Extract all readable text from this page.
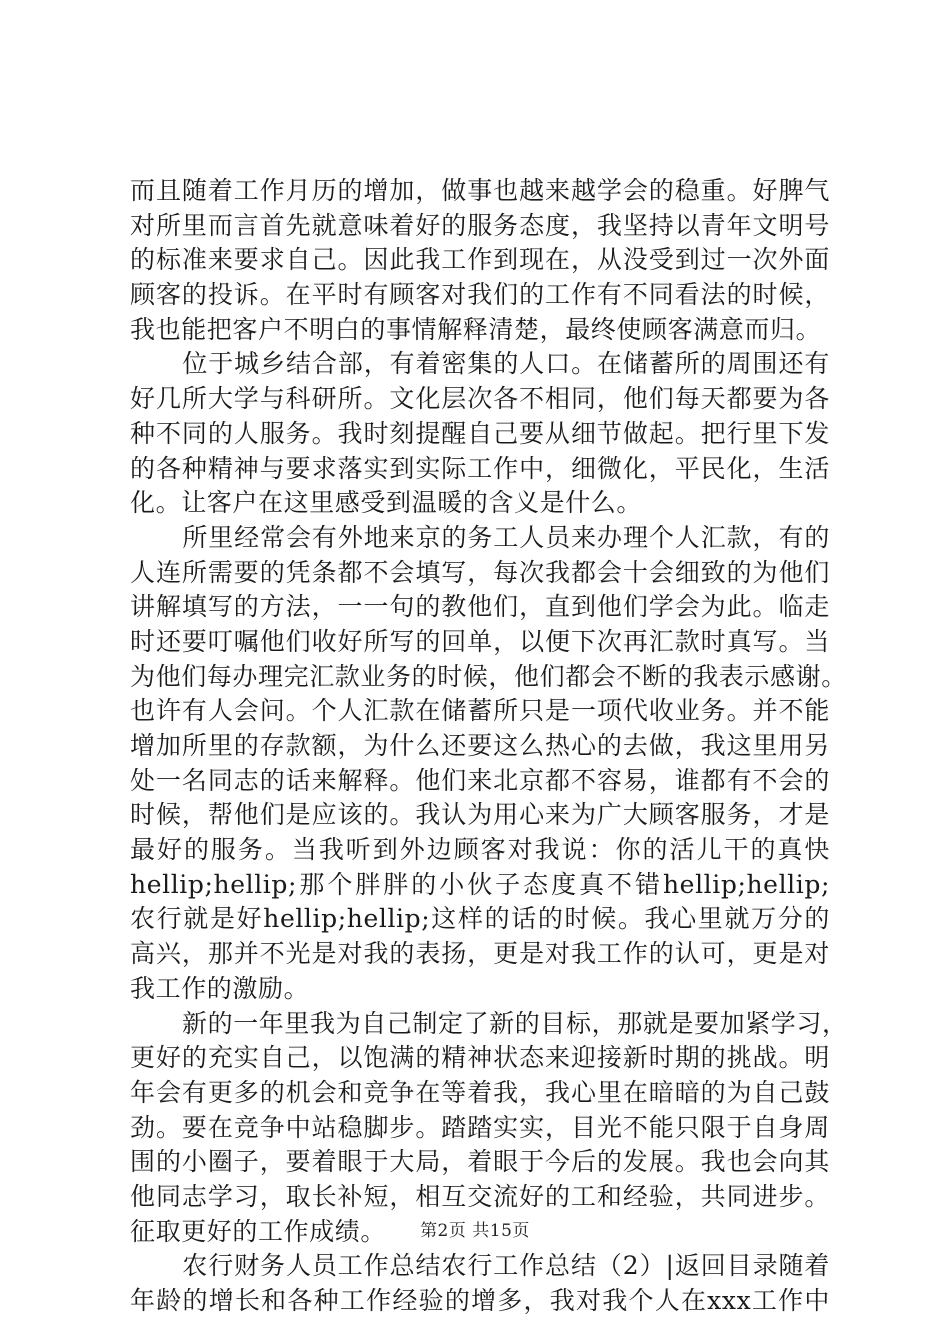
而且随着工作月历的增加，做事也越来越学会的稳重。好脾气
对所里而言首先就意味着好的服务态度，我坚持以青年文明号
的标准来要求自己。因此我工作到现在，从没受到过一次外面
顾客的投诉。在平时有顾客对我们的工作有不同看法的时候，
我也能把客户不明白的事情解释清楚，最终使顾客满意而归。
位于城乡结合部，有着密集的人口。在储蓄所的周围还有
好几所大学与科研所。文化层次各不相同，他们每天都要为各
种不同的人服务。我时刻提醒自己要从细节做起。把行里下发
的各种精神与要求落实到实际工作中，细微化，平民化，生活
化。让客户在这里感受到温暖的含义是什么。
所里经常会有外地来京的务工人员来办理个人汇款，有的
人连所需要的凭条都不会填写，每次我都会十会细致的为他们
讲解填写的方法，一一句的教他们，直到他们学会为此。临走
时还要叮嘱他们收好所写的回单，以便下次再汇款时真写。当
为他们每办理完汇款业务的时候，他们都会不断的我表示感谢。
也许有人会问。个人汇款在储蓄所只是一项代收业务。并不能
增加所里的存款额，为什么还要这么热心的去做，我这里用另
处一名同志的话来解释。他们来北京都不容易，谁都有不会的
时候，帮他们是应该的。我认为用心来为广大顾客服务，才是
最好的服务。当我听到外边顾客对我说：你的活儿干的真快
hellip;hellip;那个胖胖的小伙子态度真不错hellip;hellip;
农行就是好hellip;hellip;这样的话的时候。我心里就万分的
高兴，那并不光是对我的表扬，更是对我工作的认可，更是对
我工作的激励。
新的一年里我为自己制定了新的目标，那就是要加紧学习，
更好的充实自己，以饱满的精神状态来迎接新时期的挑战。明
年会有更多的机会和竞争在等着我，我心里在暗暗的为自己鼓
劲。要在竞争中站稳脚步。踏踏实实，目光不能只限于自身周
围的小圈子，要着眼于大局，着眼于今后的发展。我也会向其
他同志学习，取长补短，相互交流好的工和经验，共同进步。
征取更好的工作成绩。
农行财务人员工作总结农行工作总结（2）|返回目录随着
年龄的增长和各种工作经验的增多，我对我个人在xxx工作中
第2页 共15页
